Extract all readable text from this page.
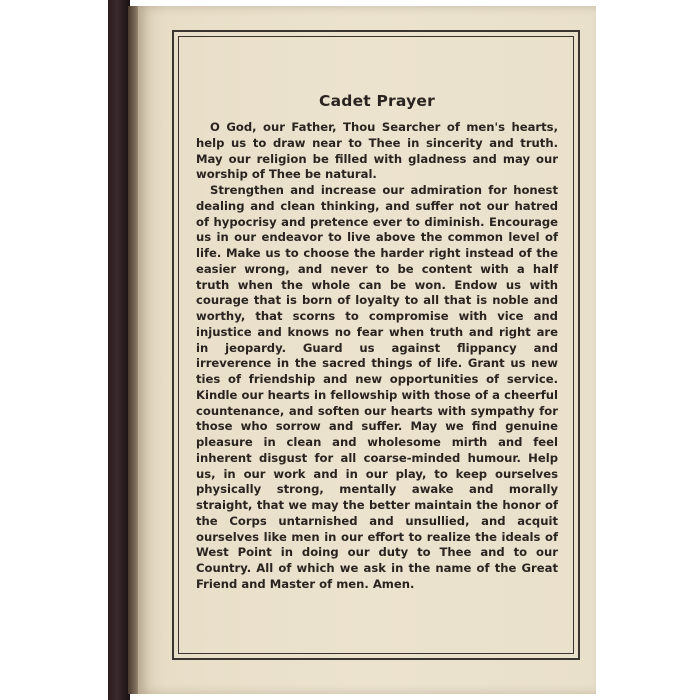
Cadet Prayer

O God, our Father, Thou Searcher of men's hearts, help us to draw near to Thee in sincerity and truth. May our religion be filled with gladness and may our worship of Thee be natural.

Strengthen and increase our admiration for honest dealing and clean thinking, and suffer not our hatred of hypocrisy and pretence ever to diminish. Encourage us in our endeavor to live above the common level of life. Make us to choose the harder right instead of the easier wrong, and never to be content with a half truth when the whole can be won. Endow us with courage that is born of loyalty to all that is noble and worthy, that scorns to compromise with vice and injustice and knows no fear when truth and right are in jeopardy. Guard us against flippancy and irreverence in the sacred things of life. Grant us new ties of friendship and new opportunities of service. Kindle our hearts in fellowship with those of a cheerful countenance, and soften our hearts with sympathy for those who sorrow and suffer. May we find genuine pleasure in clean and wholesome mirth and feel inherent disgust for all coarse-minded humour. Help us, in our work and in our play, to keep ourselves physically strong, mentally awake and morally straight, that we may the better maintain the honor of the Corps untarnished and unsullied, and acquit ourselves like men in our effort to realize the ideals of West Point in doing our duty to Thee and to our Country. All of which we ask in the name of the Great Friend and Master of men. Amen.
